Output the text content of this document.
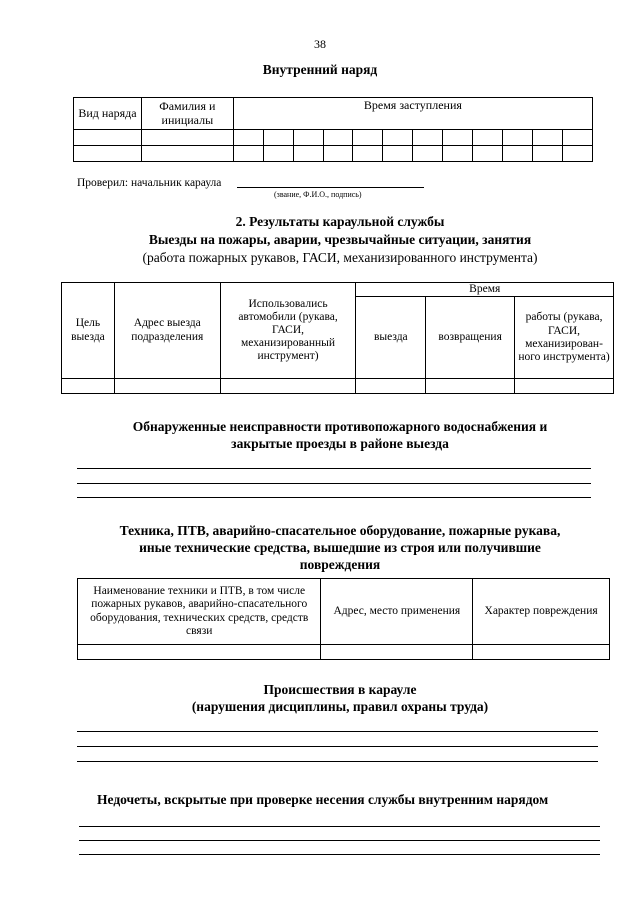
38
Внутренний наряд
Вид наряда	Фамилия и инициалы	Время заступления											

Проверил: начальник караула
(звание, Ф.И.О., подпись)
2. Результаты караульной службы
Выезды на пожары, аварии, чрезвычайные ситуации, занятия
(работа пожарных рукавов, ГАСИ, механизированного инструмента)
Цель выезда	Адрес выезда подразделения	Использовались автомобили (рукава, ГАСИ, механизированный инструмент)	Время		
			выезда	возвращения	работы (рукава, ГАСИ, механизирован-ного инструмента)

Обнаруженные неисправности противопожарного водоснабжения и
закрытые проезды в районе выезда
Техника, ПТВ, аварийно-спасательное оборудование, пожарные рукава,
иные технические средства, вышедшие из строя или получившие
повреждения
Наименование техники и ПТВ, в том числе пожарных рукавов, аварийно-спасательного оборудования, технических средств, средств связи	Адрес, место применения	Характер повреждения

Происшествия в карауле
(нарушения дисциплины, правил охраны труда)
Недочеты, вскрытые при проверке несения службы внутренним нарядом
